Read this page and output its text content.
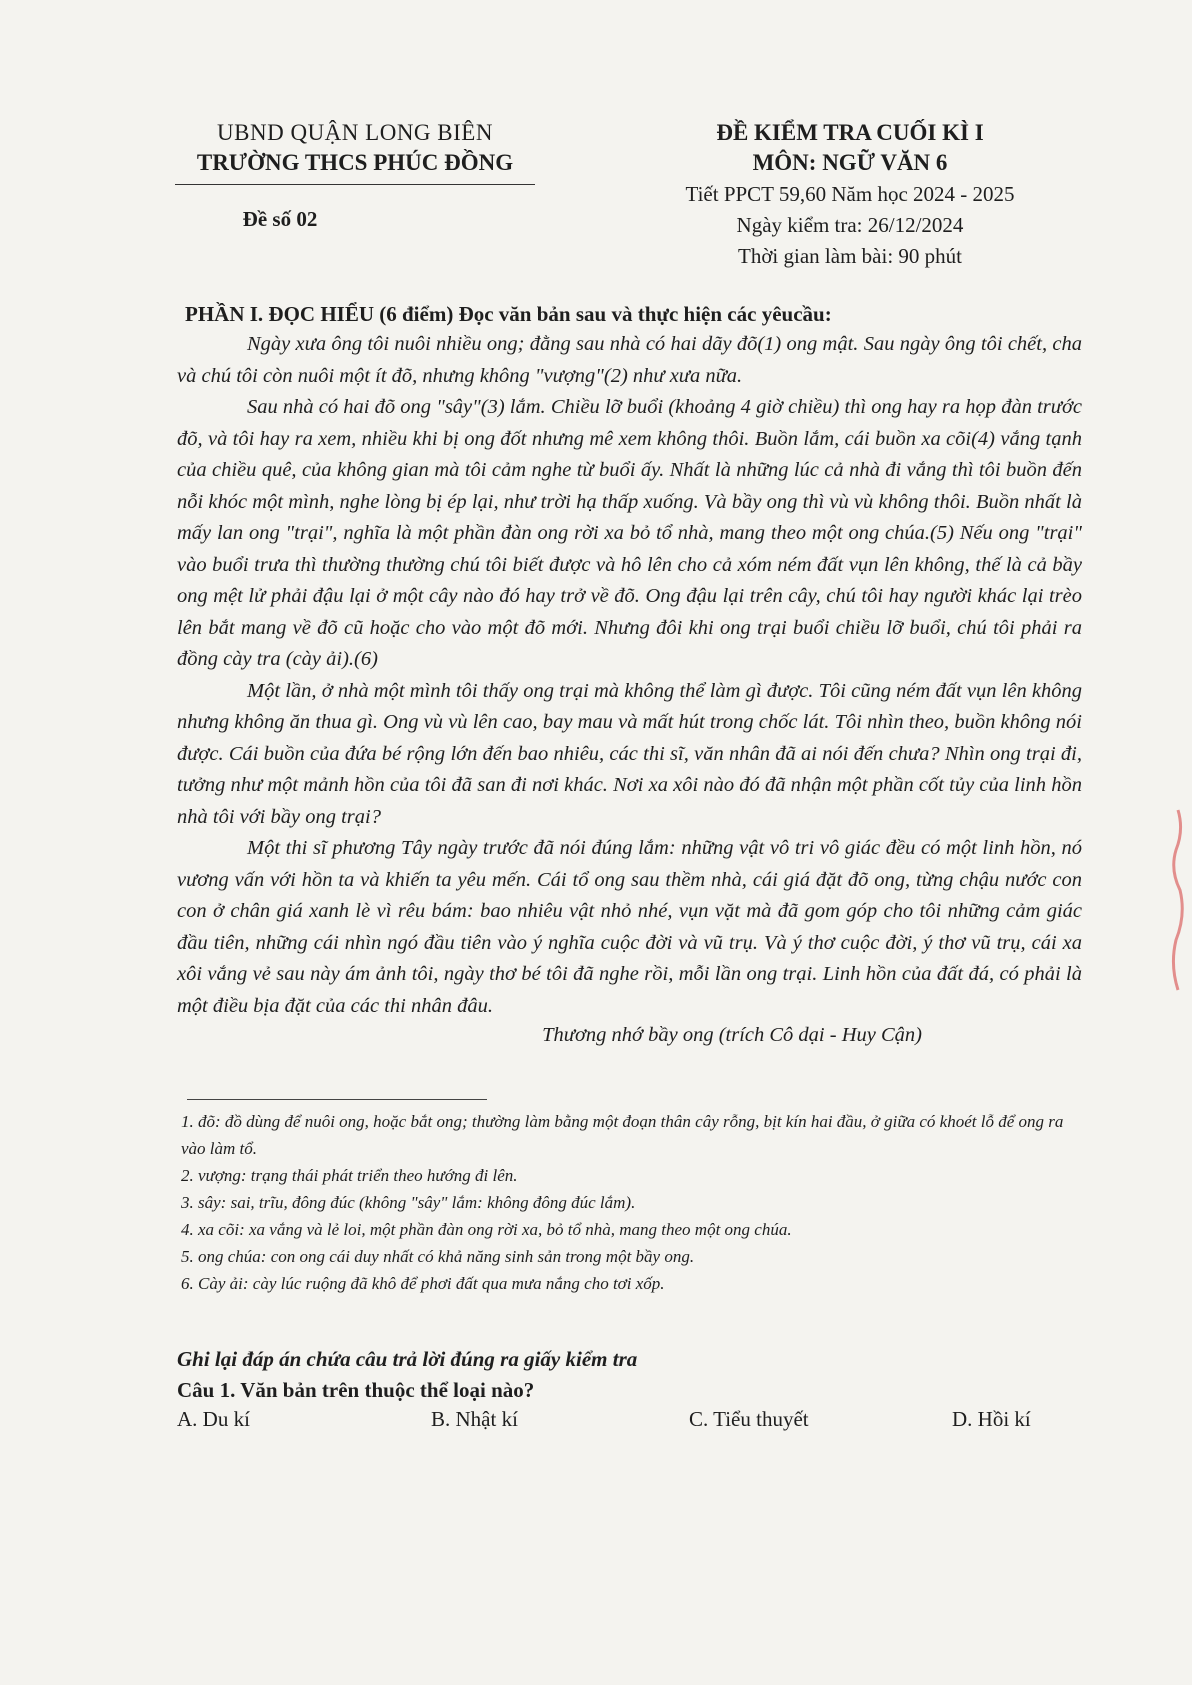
UBND QUẬN LONG BIÊN
TRƯỜNG THCS PHÚC ĐỒNG
Đề số 02
ĐỀ KIỂM TRA CUỐI KÌ I
MÔN: NGỮ VĂN 6
Tiết PPCT 59,60 Năm học 2024 - 2025
Ngày kiểm tra: 26/12/2024
Thời gian làm bài: 90 phút
PHẦN I. ĐỌC HIỂU (6 điểm) Đọc văn bản sau và thực hiện các yêucầu:

Ngày xưa ông tôi nuôi nhiều ong; đằng sau nhà có hai dãy đõ(1) ong mật. Sau ngày ông tôi chết, cha và chú tôi còn nuôi một ít đõ, nhưng không "vượng"(2) như xưa nữa.

Sau nhà có hai đõ ong "sây"(3) lắm. Chiều lỡ buổi (khoảng 4 giờ chiều) thì ong hay ra họp đàn trước đõ, và tôi hay ra xem, nhiều khi bị ong đốt nhưng mê xem không thôi. Buồn lắm, cái buồn xa cõi(4) vắng tạnh của chiều quê, của không gian mà tôi cảm nghe từ buổi ấy. Nhất là những lúc cả nhà đi vắng thì tôi buồn đến nỗi khóc một mình, nghe lòng bị ép lại, như trời hạ thấp xuống. Và bầy ong thì vù vù không thôi. Buồn nhất là mấy lan ong "trại", nghĩa là một phần đàn ong rời xa bỏ tổ nhà, mang theo một ong chúa.(5) Nếu ong "trại" vào buổi trưa thì thường thường chú tôi biết được và hô lên cho cả xóm ném đất vụn lên không, thế là cả bầy ong mệt lử phải đậu lại ở một cây nào đó hay trở về đõ. Ong đậu lại trên cây, chú tôi hay người khác lại trèo lên bắt mang về đõ cũ hoặc cho vào một đõ mới. Nhưng đôi khi ong trại buổi chiều lỡ buổi, chú tôi phải ra đồng cày tra (cày ải).(6)

Một lần, ở nhà một mình tôi thấy ong trại mà không thể làm gì được. Tôi cũng ném đất vụn lên không nhưng không ăn thua gì. Ong vù vù lên cao, bay mau và mất hút trong chốc lát. Tôi nhìn theo, buồn không nói được. Cái buồn của đứa bé rộng lớn đến bao nhiêu, các thi sĩ, văn nhân đã ai nói đến chưa? Nhìn ong trại đi, tưởng như một mảnh hồn của tôi đã san đi nơi khác. Nơi xa xôi nào đó đã nhận một phần cốt tủy của linh hồn nhà tôi với bầy ong trại?

Một thi sĩ phương Tây ngày trước đã nói đúng lắm: những vật vô tri vô giác đều có một linh hồn, nó vương vấn với hồn ta và khiến ta yêu mến. Cái tổ ong sau thềm nhà, cái giá đặt đõ ong, từng chậu nước con con ở chân giá xanh lè vì rêu bám: bao nhiêu vật nhỏ nhé, vụn vặt mà đã gom góp cho tôi những cảm giác đầu tiên, những cái nhìn ngó đầu tiên vào ý nghĩa cuộc đời và vũ trụ. Và ý thơ cuộc đời, ý thơ vũ trụ, cái xa xôi vắng vẻ sau này ám ảnh tôi, ngày thơ bé tôi đã nghe rồi, mỗi lần ong trại. Linh hồn của đất đá, có phải là một điều bịa đặt của các thi nhân đâu.

Thương nhớ bầy ong (trích Cô dại - Huy Cận)
1. đõ: đồ dùng để nuôi ong, hoặc bắt ong; thường làm bằng một đoạn thân cây rỗng, bịt kín hai đầu, ở giữa có khoét lỗ để ong ra vào làm tổ.
2. vượng: trạng thái phát triển theo hướng đi lên.
3. sây: sai, trĩu, đông đúc (không "sây" lắm: không đông đúc lắm).
4. xa cõi: xa vắng và lẻ loi, một phần đàn ong rời xa, bỏ tổ nhà, mang theo một ong chúa.
5. ong chúa: con ong cái duy nhất có khả năng sinh sản trong một bầy ong.
6. Cày ải: cày lúc ruộng đã khô để phơi đất qua mưa nắng cho tơi xốp.
Ghi lại đáp án chứa câu trả lời đúng ra giấy kiểm tra
Câu 1. Văn bản trên thuộc thể loại nào?
A. Du kí	B. Nhật kí	C. Tiểu thuyết	D. Hồi kí
